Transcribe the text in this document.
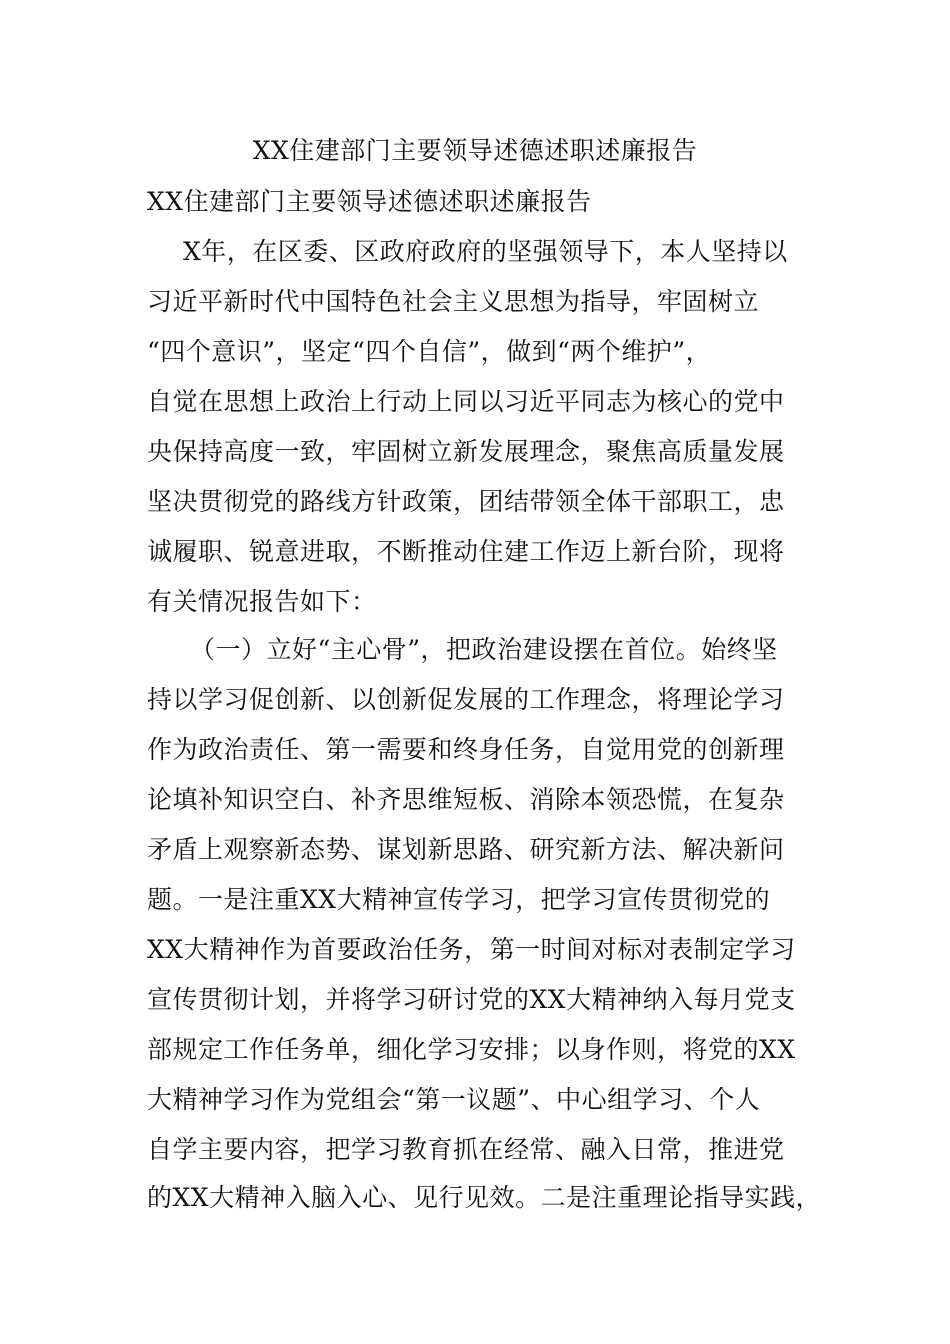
XX住建部门主要领导述德述职述廉报告
XX住建部门主要领导述德述职述廉报告
X年，在区委、区政府政府的坚强领导下，本人坚持以
习近平新时代中国特色社会主义思想为指导，牢固树立
“四个意识”，坚定“四个自信”，做到“两个维护”，
自觉在思想上政治上行动上同以习近平同志为核心的党中
央保持高度一致，牢固树立新发展理念，聚焦高质量发展
坚决贯彻党的路线方针政策，团结带领全体干部职工，忠
诚履职、锐意进取，不断推动住建工作迈上新台阶，现将
有关情况报告如下：
（一）立好“主心骨”，把政治建设摆在首位。始终坚
持以学习促创新、以创新促发展的工作理念，将理论学习
作为政治责任、第一需要和终身任务，自觉用党的创新理
论填补知识空白、补齐思维短板、消除本领恐慌，在复杂
矛盾上观察新态势、谋划新思路、研究新方法、解决新问
题。一是注重XX大精神宣传学习，把学习宣传贯彻党的
XX大精神作为首要政治任务，第一时间对标对表制定学习
宣传贯彻计划，并将学习研讨党的XX大精神纳入每月党支
部规定工作任务单，细化学习安排；以身作则，将党的XX
大精神学习作为党组会“第一议题”、中心组学习、个人
自学主要内容，把学习教育抓在经常、融入日常，推进党
的XX大精神入脑入心、见行见效。二是注重理论指导实践，
